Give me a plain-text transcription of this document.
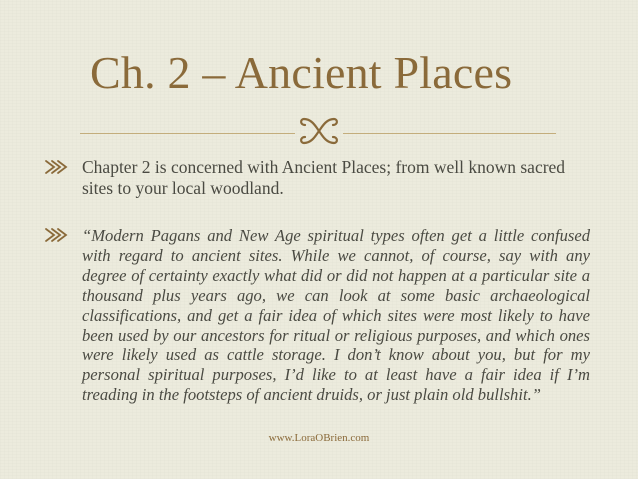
Ch. 2 – Ancient Places
Chapter 2 is concerned with Ancient Places; from well known sacred sites to your local woodland.
“Modern Pagans and New Age spiritual types often get a little confused with regard to ancient sites. While we cannot, of course, say with any degree of certainty exactly what did or did not happen at a particular site a thousand plus years ago, we can look at some basic archaeological classifications, and get a fair idea of which sites were most likely to have been used by our ancestors for ritual or religious purposes, and which ones were likely used as cattle storage. I don’t know about you, but for my personal spiritual purposes, I’d like to at least have a fair idea if I’m treading in the footsteps of ancient druids, or just plain old bullshit.”
www.LoraOBrien.com
